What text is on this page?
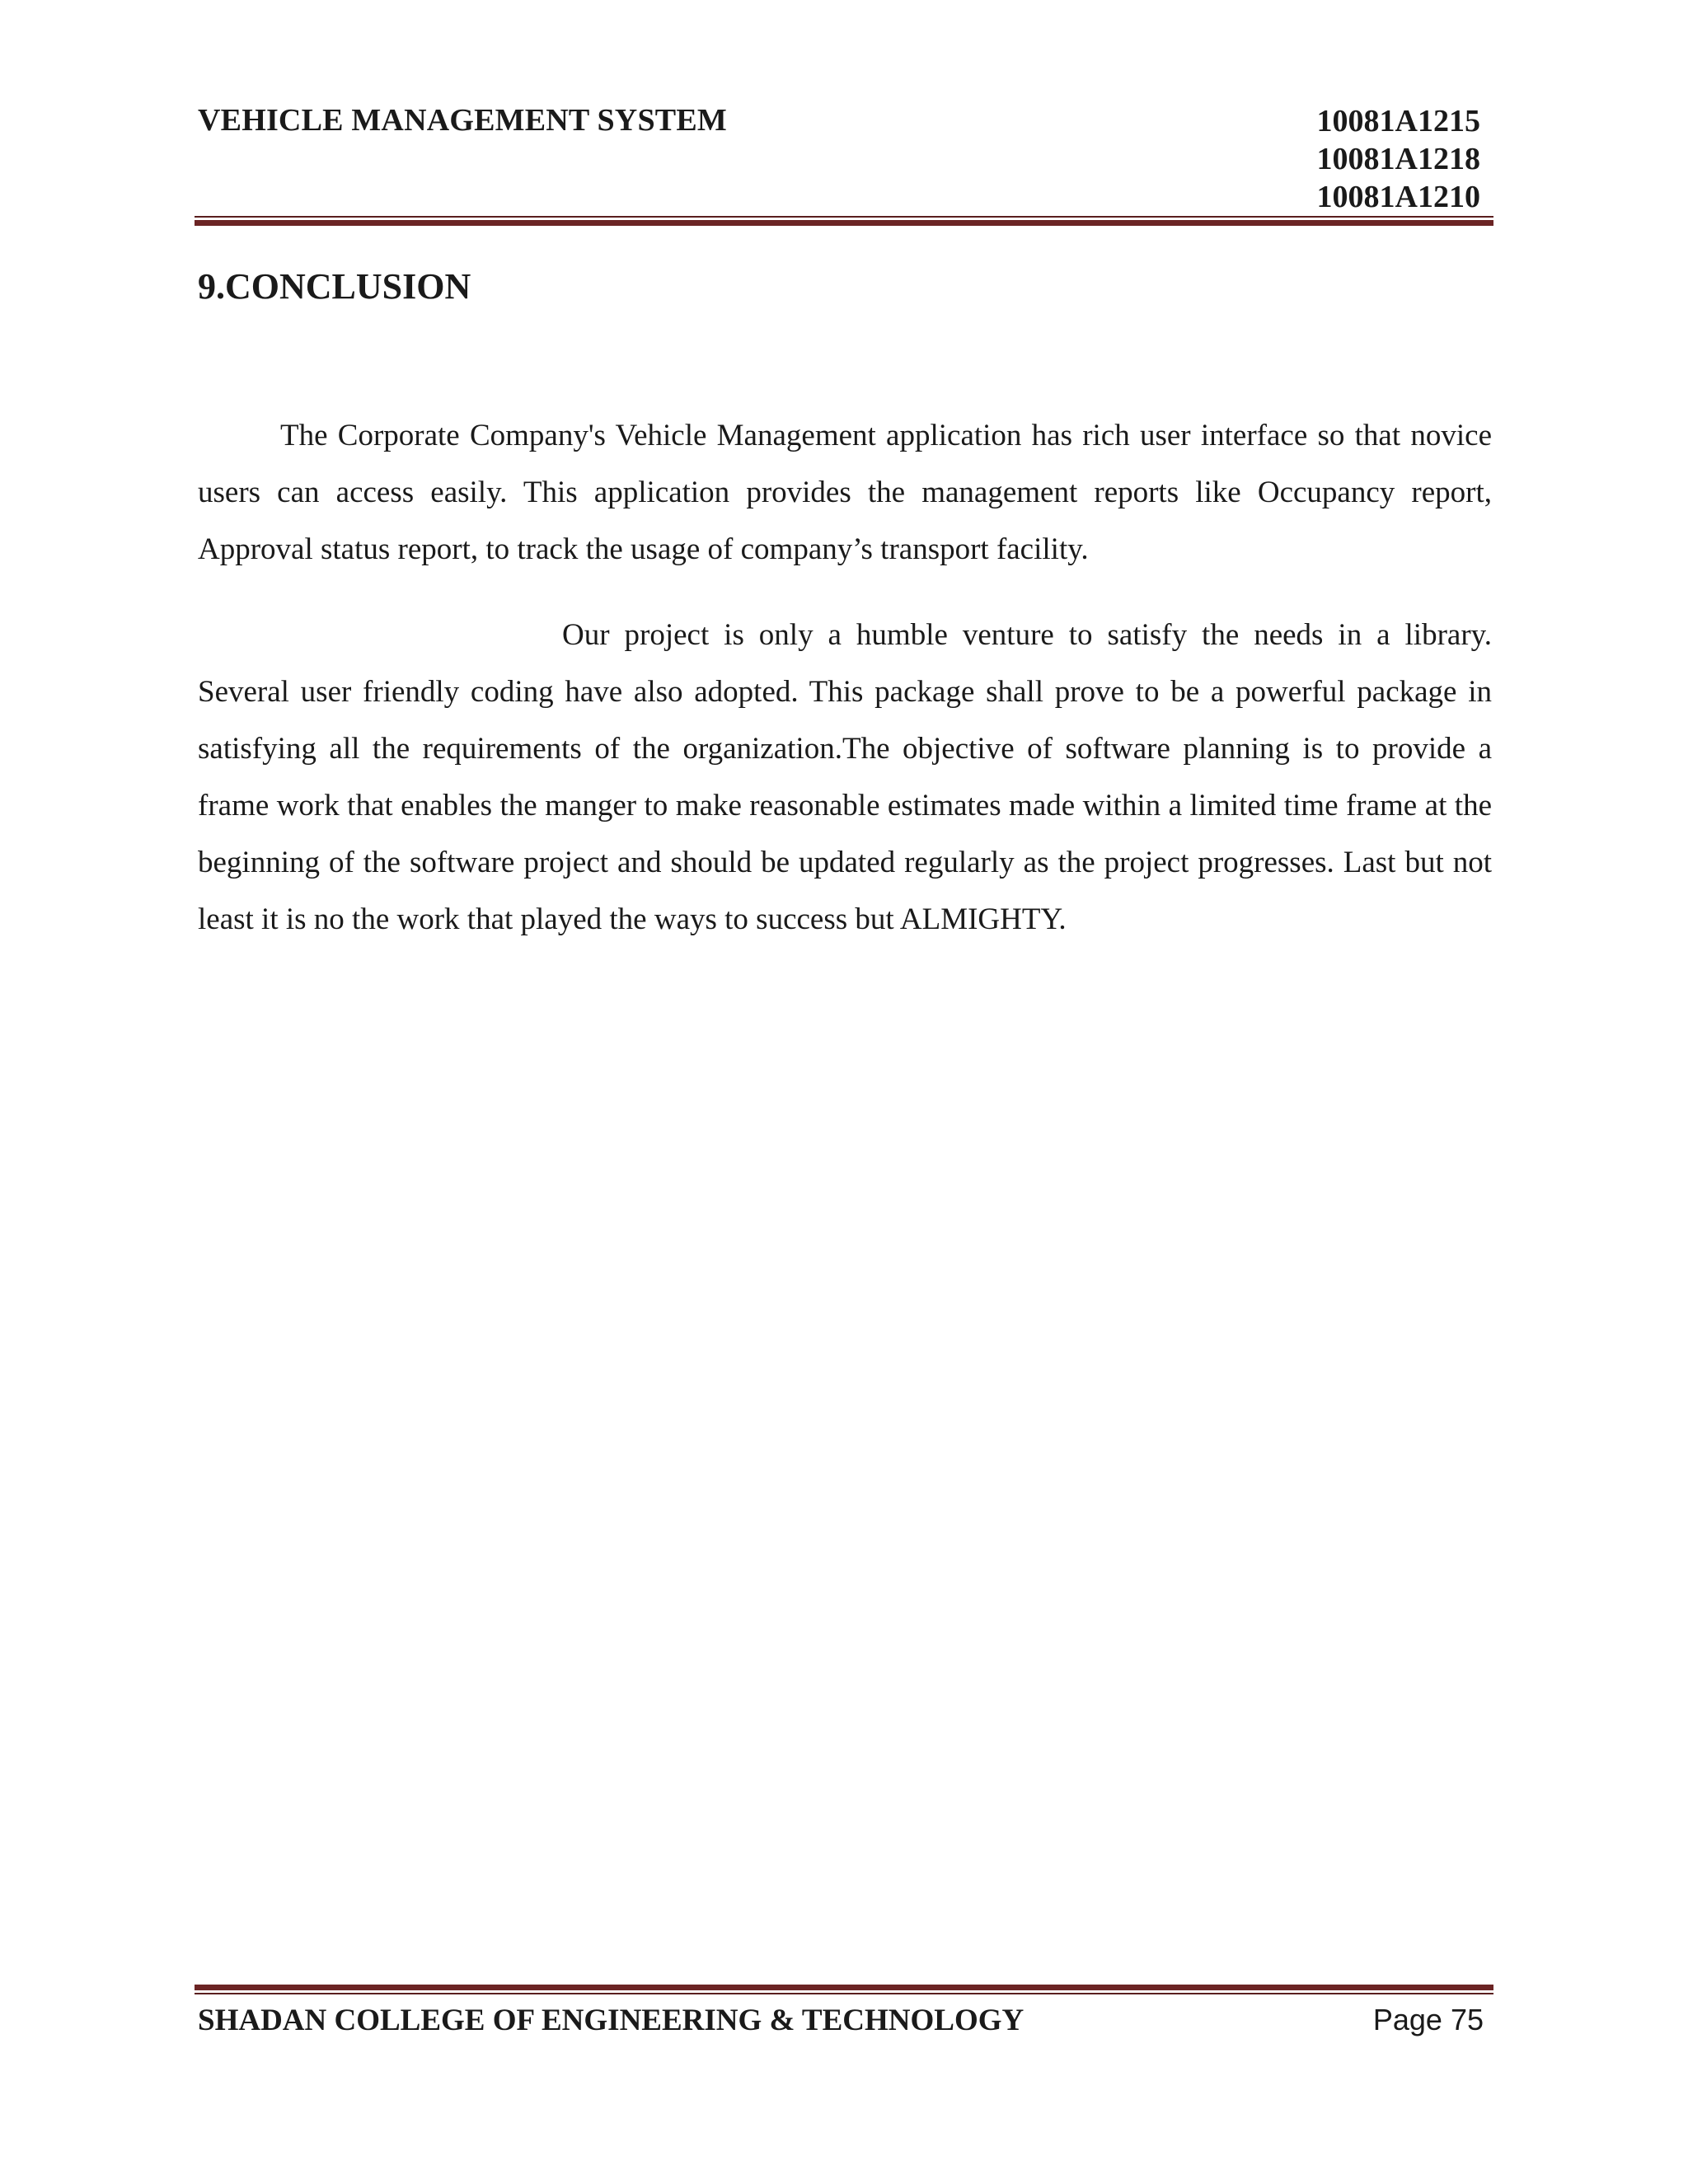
VEHICLE MANAGEMENT SYSTEM	10081A1215
10081A1218
10081A1210
9.CONCLUSION

The Corporate Company's Vehicle Management application has rich user interface so that novice users can access easily. This application provides the management reports like Occupancy report, Approval status report, to track the usage of company’s transport facility.

Our project is only a humble venture to satisfy the needs in a library. Several user friendly coding have also adopted. This package shall prove to be a powerful package in satisfying all the requirements of the organization.The objective of software planning is to provide a frame work that enables the manger to make reasonable estimates made within a limited time frame at the beginning of the software project and should be updated regularly as the project progresses. Last but not least it is no the work that played the ways to success but ALMIGHTY.

SHADAN COLLEGE OF ENGINEERING & TECHNOLOGY	Page 75
